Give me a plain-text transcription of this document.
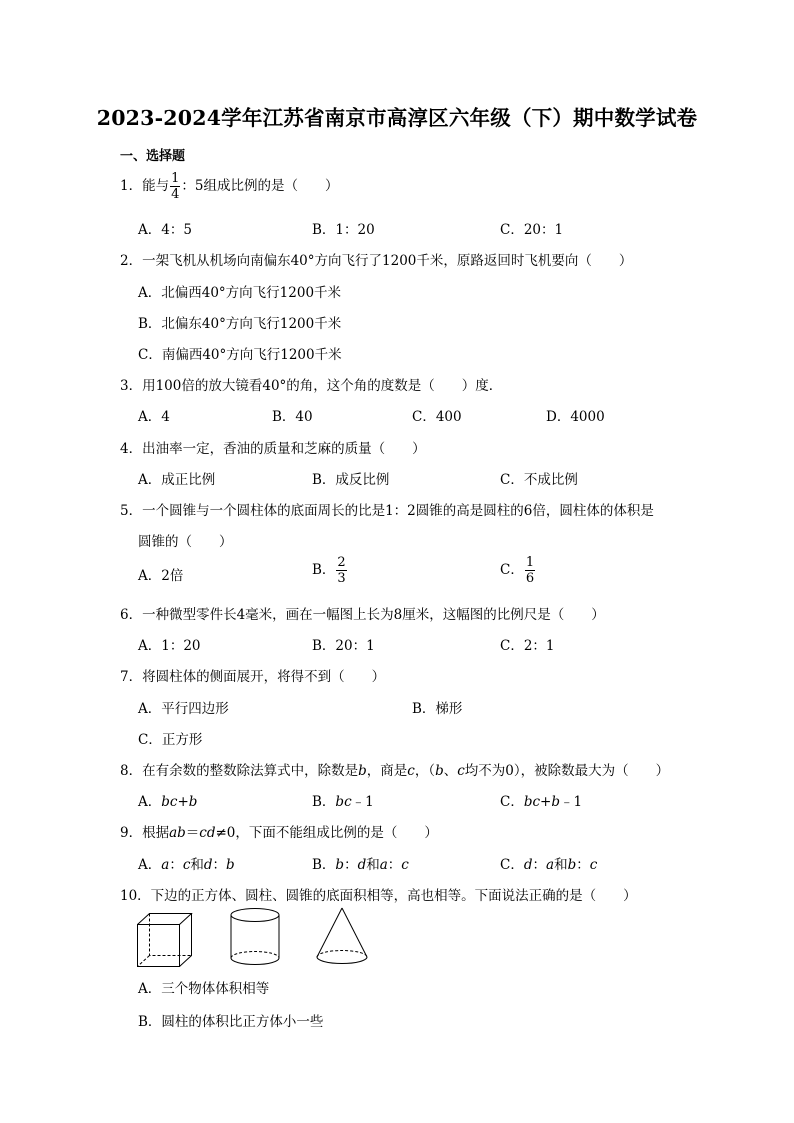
2023-2024学年江苏省南京市高淳区六年级（下）期中数学试卷
一、选择题
1．能与 $\frac{1}{4}$ ：5组成比例的是（　　）
A．4：5	B．1：20	C．20：1
2．一架飞机从机场向南偏东40°方向飞行了1200千米，原路返回时飞机要向（　　）
A．北偏西40°方向飞行1200千米
B．北偏东40°方向飞行1200千米
C．南偏西40°方向飞行1200千米
3．用100倍的放大镜看40°的角，这个角的度数是（　　）度．
A．4	B．40	C．400	D．4000
4．出油率一定，香油的质量和芝麻的质量（　　）
A．成正比例	B．成反比例	C．不成比例
5．一个圆锥与一个圆柱体的底面周长的比是1：2圆锥的高是圆柱的6倍，圆柱体的体积是
圆锥的（　　）
A．2倍	B． $\frac{2}{3}$	C． $\frac{1}{6}$
6．一种微型零件长4毫米，画在一幅图上长为8厘米，这幅图的比例尺是（　　）
A．1：20	B．20：1	C．2：1
7．将圆柱体的侧面展开，将得不到（　　）
A．平行四边形	B．梯形
C．正方形
8．在有余数的整数除法算式中，除数是b，商是c，（b、c均不为0），被除数最大为（　　）
A．bc+b	B．bc﹣1	C．bc+b﹣1
9．根据ab＝cd≠0，下面不能组成比例的是（　　）
A．a：c和d：b	B．b：d和a：c	C．d：a和b：c
10．下边的正方体、圆柱、圆锥的底面积相等，高也相等。下面说法正确的是（　　）
A．三个物体体积相等
B．圆柱的体积比正方体小一些
